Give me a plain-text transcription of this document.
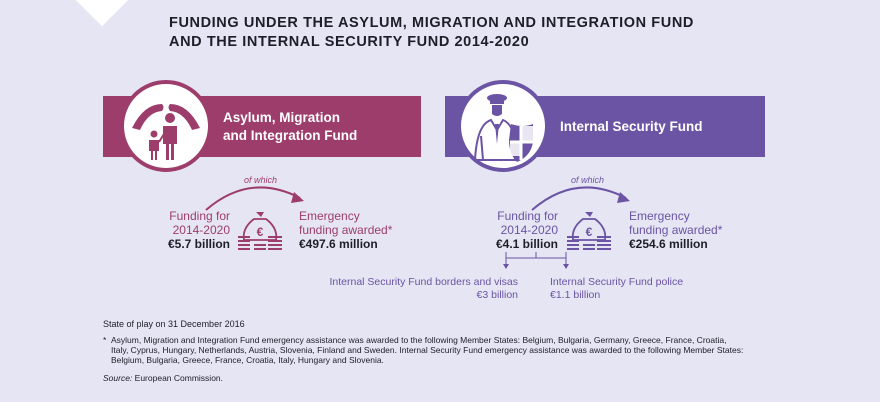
FUNDING UNDER THE ASYLUM, MIGRATION AND INTEGRATION FUND
AND THE INTERNAL SECURITY FUND 2014-2020
Asylum, Migration
and Integration Fund
Internal Security Fund
of which
Funding for
2014-2020
€5.7 billion
€
Emergency
funding awarded*
€497.6 million
of which
Funding for
2014-2020
€4.1 billion
€
Emergency
funding awarded*
€254.6 million
Internal Security Fund borders and visas
€3 billion
Internal Security Fund police
€1.1 billion
State of play on 31 December 2016
* Asylum, Migration and Integration Fund emergency assistance was awarded to the following Member States: Belgium, Bulgaria, Germany, Greece, France, Croatia,
Italy, Cyprus, Hungary, Netherlands, Austria, Slovenia, Finland and Sweden. Internal Security Fund emergency assistance was awarded to the following Member States:
Belgium, Bulgaria, Greece, France, Croatia, Italy, Hungary and Slovenia.
Source: European Commission.
